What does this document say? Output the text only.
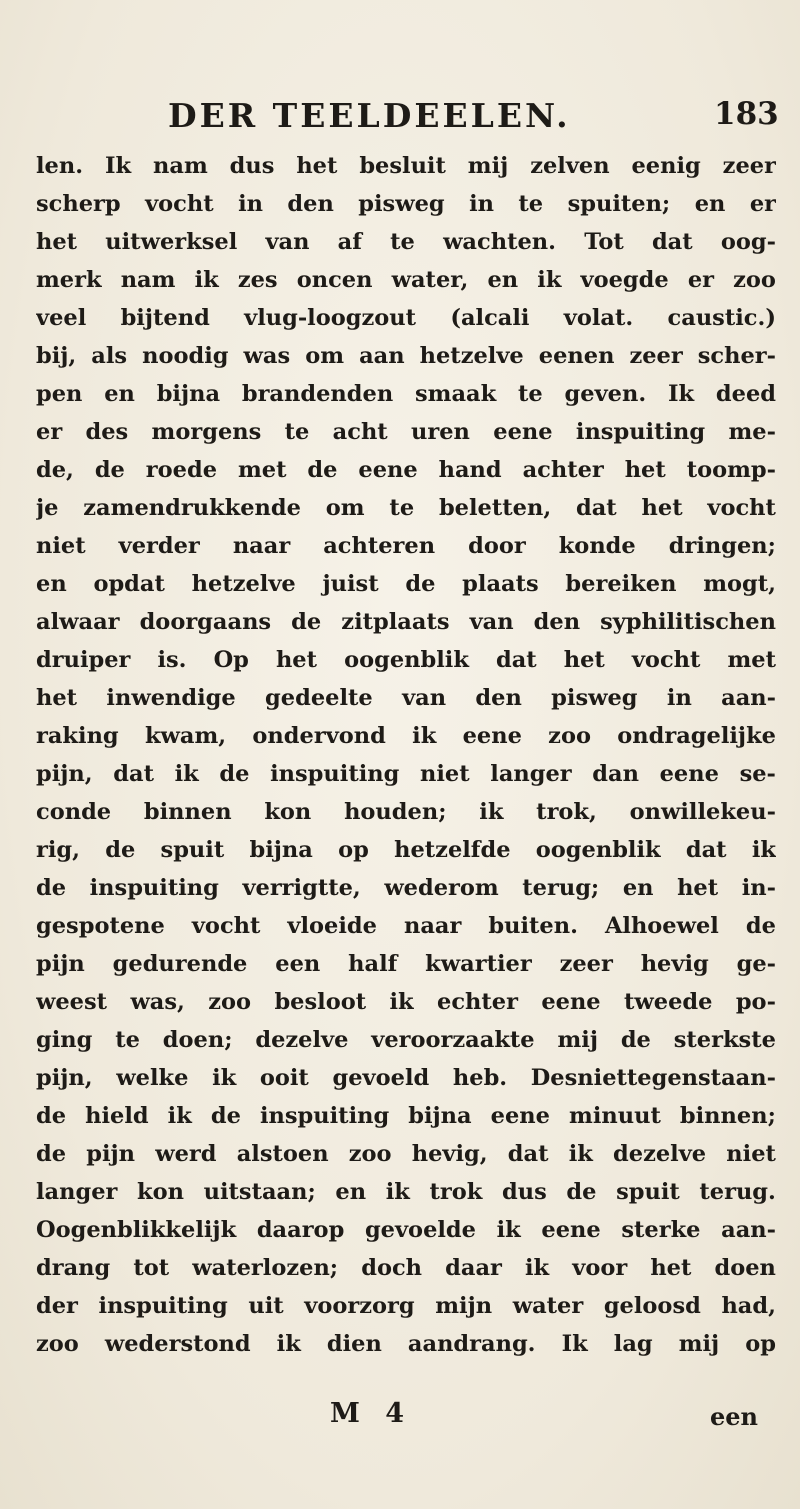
DER TEELDEELEN.	183
len. Ik nam dus het besluit mij zelven eenig zeer
scherp vocht in den pisweg in te spuiten; en er
het uitwerksel van af te wachten. Tot dat oog-
merk nam ik zes oncen water, en ik voegde er zoo
veel bijtend vlug-loogzout (alcali volat. caustic.)
bij, als noodig was om aan hetzelve eenen zeer scher-
pen en bijna brandenden smaak te geven. Ik deed
er des morgens te acht uren eene inspuiting me-
de, de roede met de eene hand achter het toomp-
je zamendrukkende om te beletten, dat het vocht
niet verder naar achteren door konde dringen;
en opdat hetzelve juist de plaats bereiken mogt,
alwaar doorgaans de zitplaats van den syphilitischen
druiper is. Op het oogenblik dat het vocht met
het inwendige gedeelte van den pisweg in aan-
raking kwam, ondervond ik eene zoo ondragelijke
pijn, dat ik de inspuiting niet langer dan eene se-
conde binnen kon houden; ik trok, onwillekeu-
rig, de spuit bijna op hetzelfde oogenblik dat ik
de inspuiting verrigtte, wederom terug; en het in-
gespotene vocht vloeide naar buiten. Alhoewel de
pijn gedurende een half kwartier zeer hevig ge-
weest was, zoo besloot ik echter eene tweede po-
ging te doen; dezelve veroorzaakte mij de sterkste
pijn, welke ik ooit gevoeld heb. Desniettegenstaan-
de hield ik de inspuiting bijna eene minuut binnen;
de pijn werd alstoen zoo hevig, dat ik dezelve niet
langer kon uitstaan; en ik trok dus de spuit terug.
Oogenblikkelijk daarop gevoelde ik eene sterke aan-
drang tot waterlozen; doch daar ik voor het doen
der inspuiting uit voorzorg mijn water geloosd had,
zoo wederstond ik dien aandrang. Ik lag mij op
M 4	een
